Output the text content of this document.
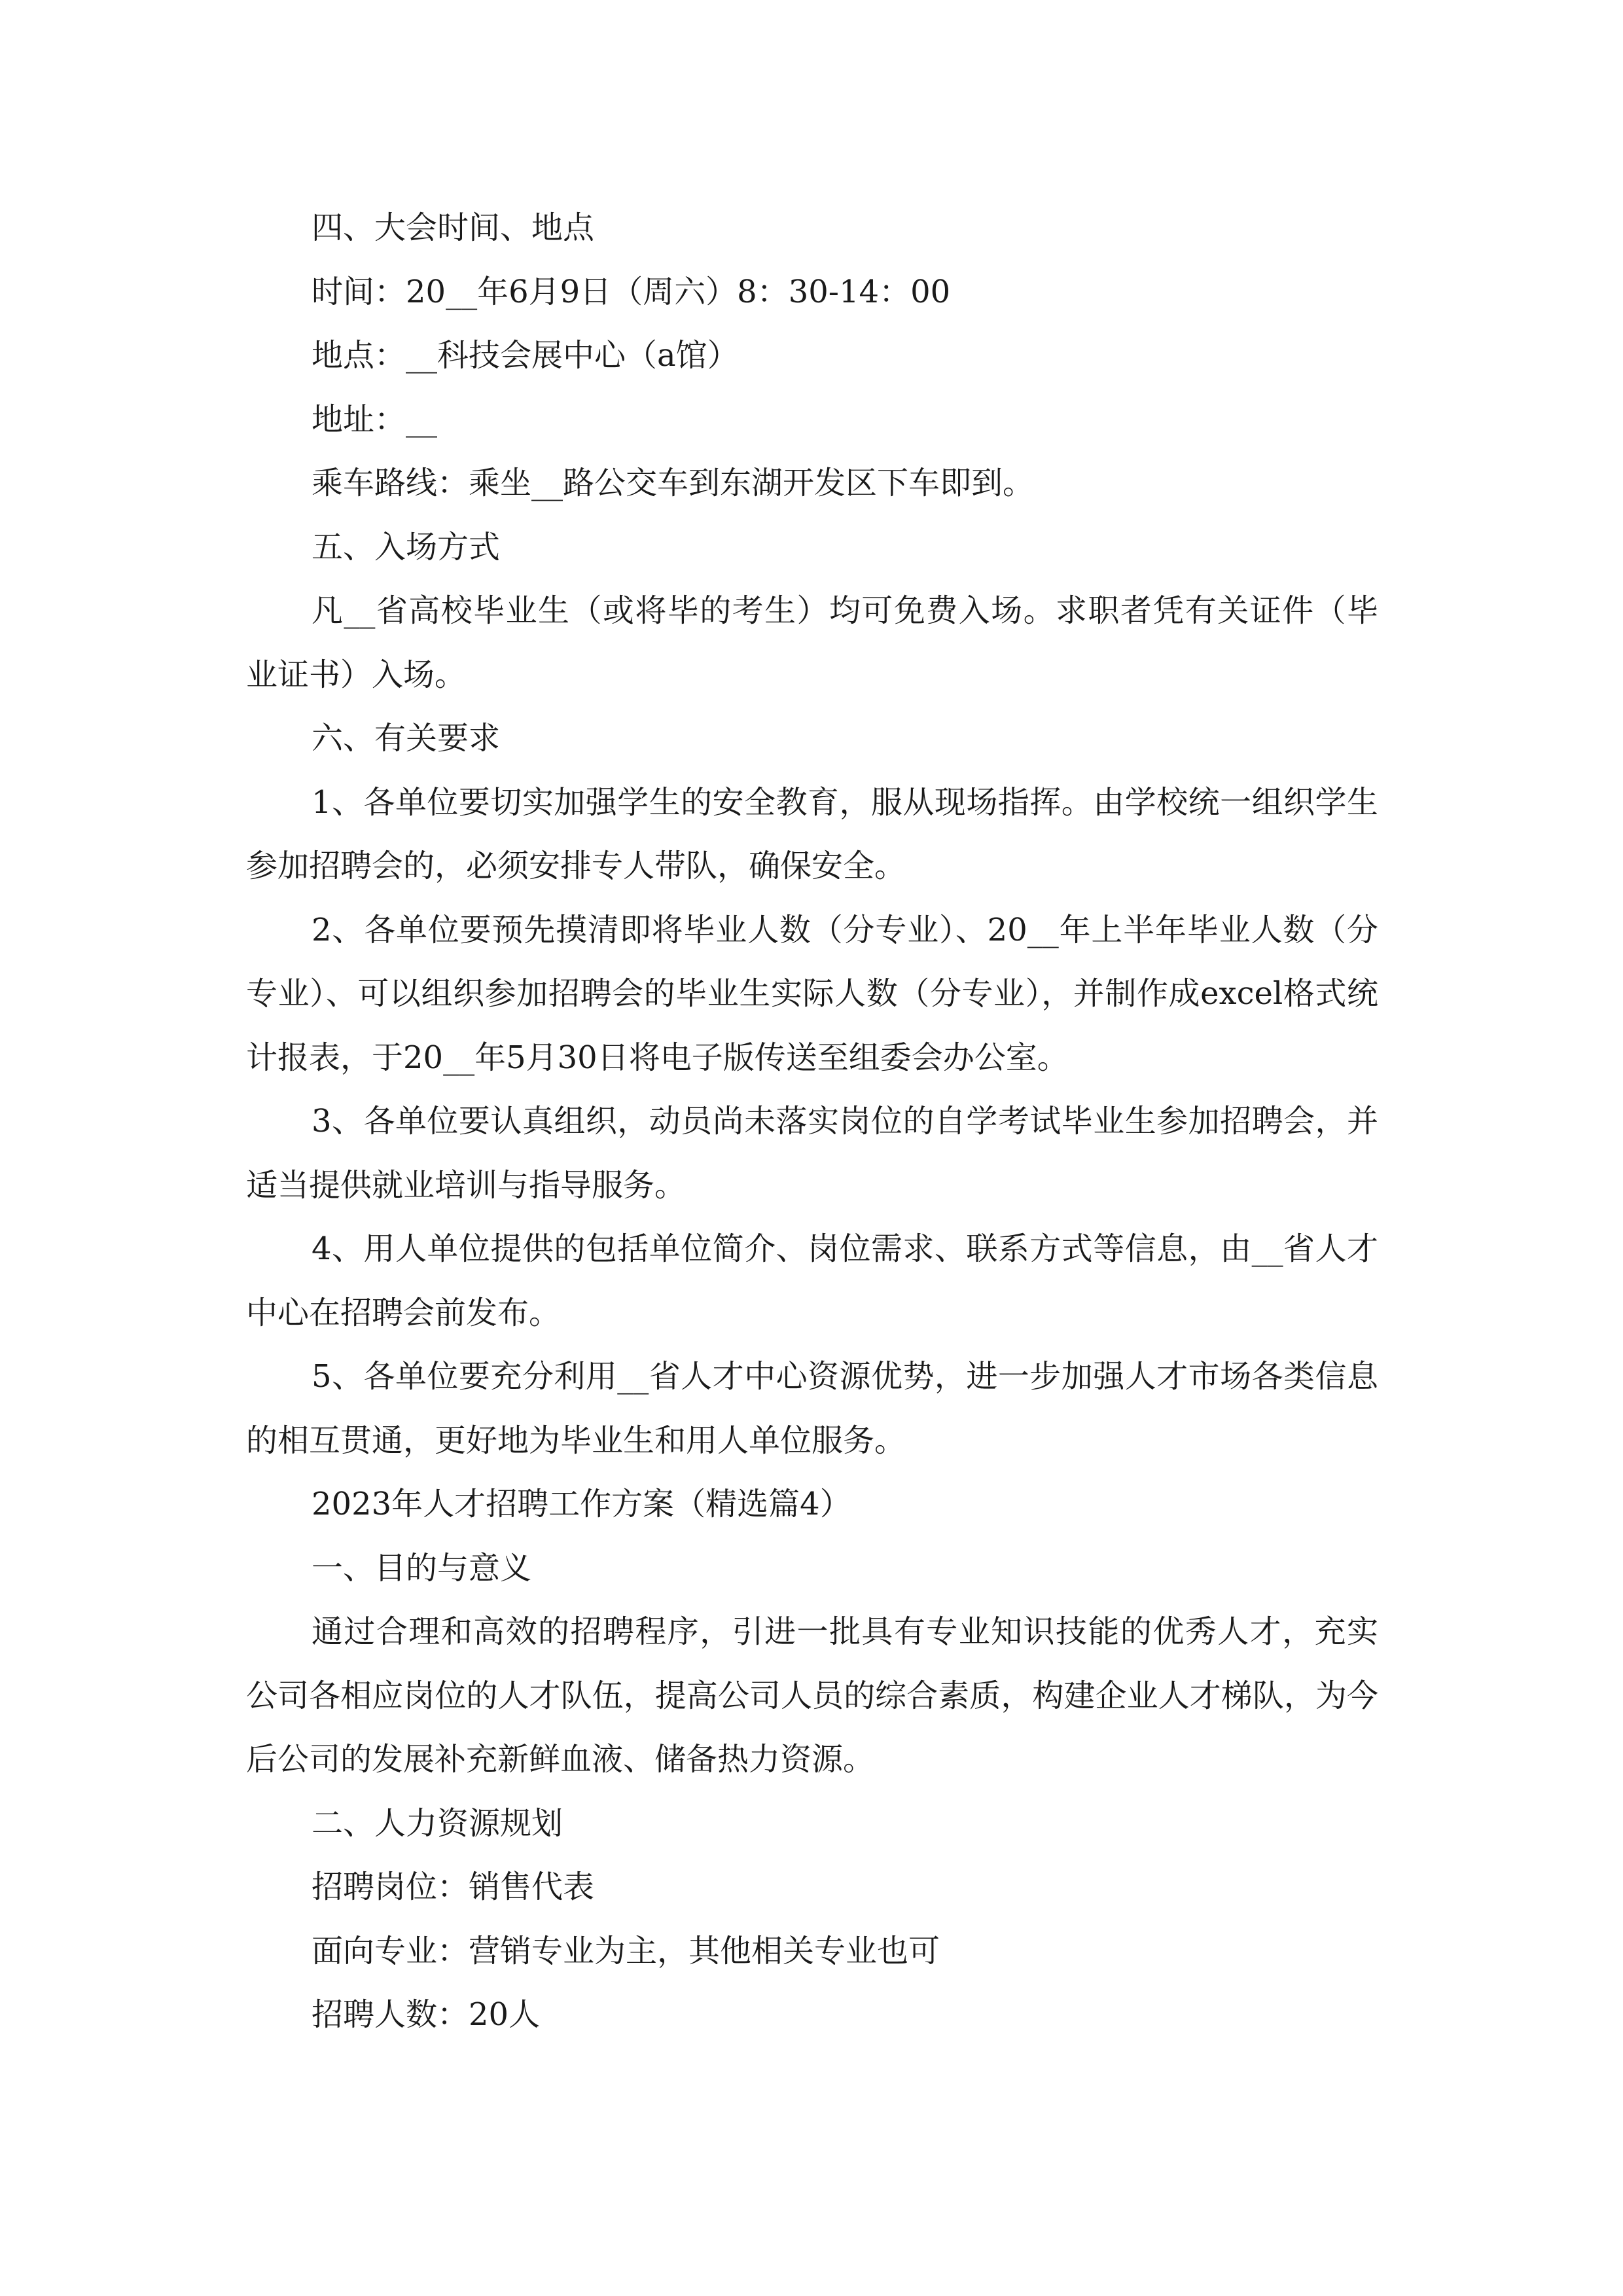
四、大会时间、地点

时间：20__年6月9日（周六）8：30-14：00

地点：__科技会展中心（a馆）

地址：__

乘车路线：乘坐__路公交车到东湖开发区下车即到。

五、入场方式

凡__省高校毕业生（或将毕的考生）均可免费入场。求职者凭有关证件（毕业证书）入场。

六、有关要求

1、各单位要切实加强学生的安全教育，服从现场指挥。由学校统一组织学生参加招聘会的，必须安排专人带队，确保安全。

2、各单位要预先摸清即将毕业人数（分专业）、20__年上半年毕业人数（分专业）、可以组织参加招聘会的毕业生实际人数（分专业），并制作成excel格式统计报表，于20__年5月30日将电子版传送至组委会办公室。

3、各单位要认真组织，动员尚未落实岗位的自学考试毕业生参加招聘会，并适当提供就业培训与指导服务。

4、用人单位提供的包括单位简介、岗位需求、联系方式等信息，由__省人才中心在招聘会前发布。

5、各单位要充分利用__省人才中心资源优势，进一步加强人才市场各类信息的相互贯通，更好地为毕业生和用人单位服务。

2023年人才招聘工作方案（精选篇4）

一、目的与意义

通过合理和高效的招聘程序，引进一批具有专业知识技能的优秀人才，充实公司各相应岗位的人才队伍，提高公司人员的综合素质，构建企业人才梯队，为今后公司的发展补充新鲜血液、储备热力资源。

二、人力资源规划

招聘岗位：销售代表

面向专业：营销专业为主，其他相关专业也可

招聘人数：20人
